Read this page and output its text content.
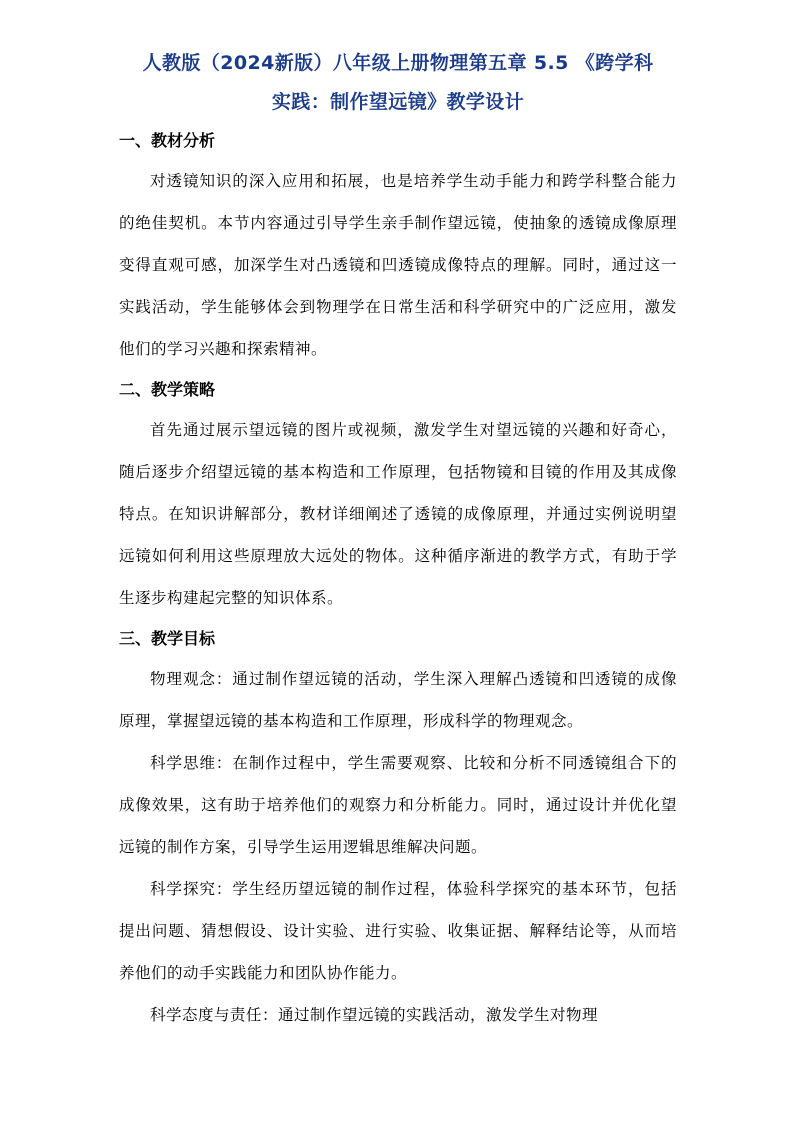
人教版（2024新版）八年级上册物理第五章 5.5 《跨学科
实践：制作望远镜》教学设计
一、教材分析

对透镜知识的深入应用和拓展，也是培养学生动手能力和跨学科整合能力的绝佳契机。本节内容通过引导学生亲手制作望远镜，使抽象的透镜成像原理变得直观可感，加深学生对凸透镜和凹透镜成像特点的理解。同时，通过这一实践活动，学生能够体会到物理学在日常生活和科学研究中的广泛应用，激发他们的学习兴趣和探索精神。

二、教学策略

首先通过展示望远镜的图片或视频，激发学生对望远镜的兴趣和好奇心，随后逐步介绍望远镜的基本构造和工作原理，包括物镜和目镜的作用及其成像特点。在知识讲解部分，教材详细阐述了透镜的成像原理，并通过实例说明望远镜如何利用这些原理放大远处的物体。这种循序渐进的教学方式，有助于学生逐步构建起完整的知识体系。

三、教学目标

物理观念：通过制作望远镜的活动，学生深入理解凸透镜和凹透镜的成像原理，掌握望远镜的基本构造和工作原理，形成科学的物理观念。

科学思维：在制作过程中，学生需要观察、比较和分析不同透镜组合下的成像效果，这有助于培养他们的观察力和分析能力。同时，通过设计并优化望远镜的制作方案，引导学生运用逻辑思维解决问题。

科学探究：学生经历望远镜的制作过程，体验科学探究的基本环节，包括提出问题、猜想假设、设计实验、进行实验、收集证据、解释结论等，从而培养他们的动手实践能力和团队协作能力。

科学态度与责任：通过制作望远镜的实践活动，激发学生对物理
